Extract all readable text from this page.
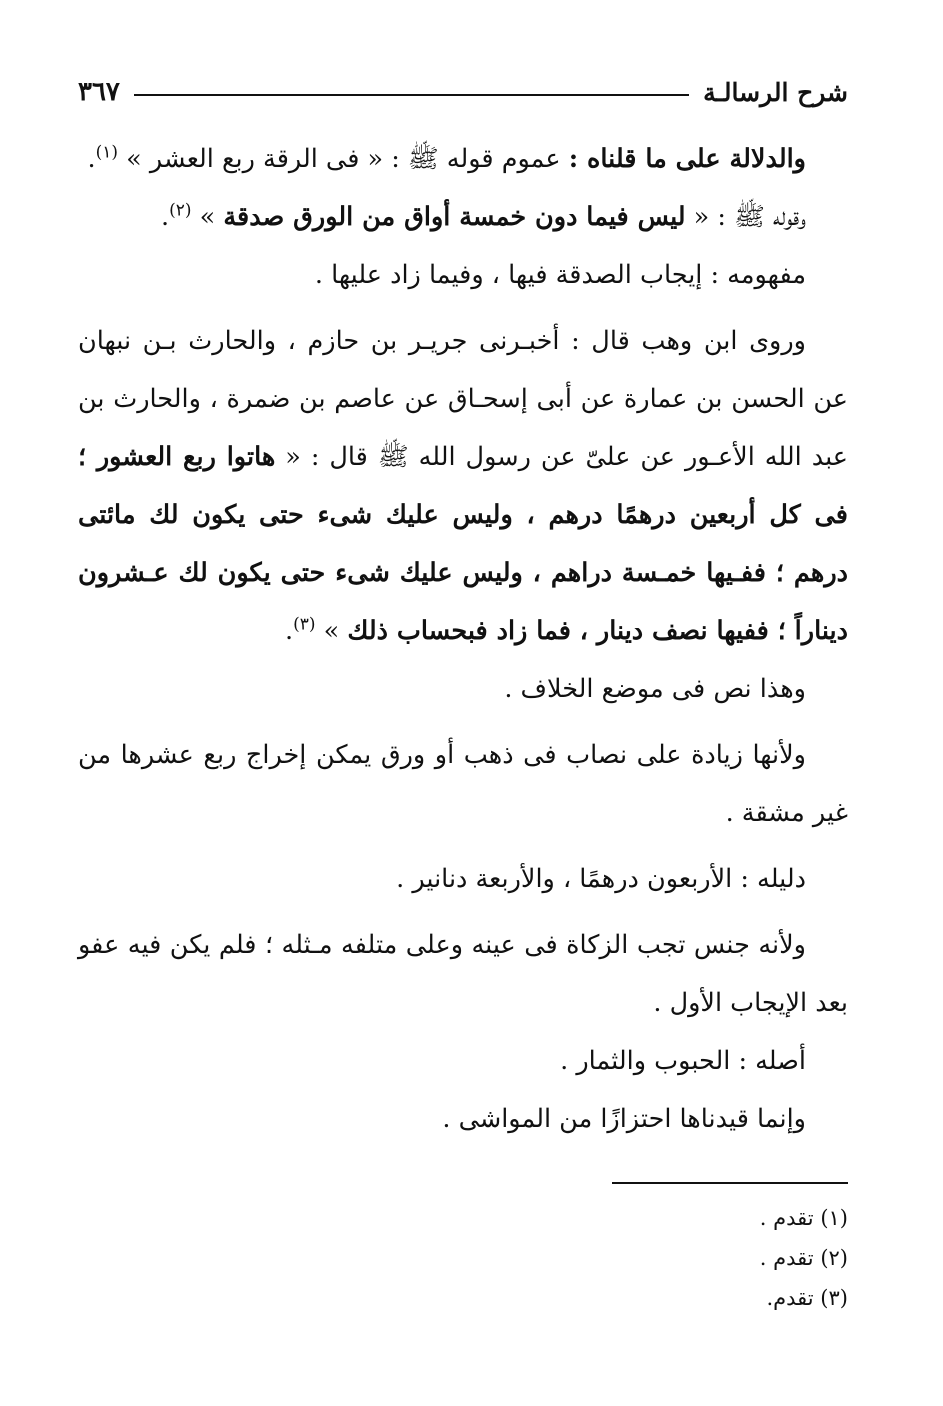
شرح الرسالـة
٣٦٧

والدلالة على ما قلناه : عموم قوله ﷺ : « فى الرقة ربع العشر » $^{(١)}$.

وقوله ﷺ : « ليس فيما دون خمسة أواق من الورق صدقة » $^{(٢)}$.

مفهومه : إيجاب الصدقة فيها ، وفيما زاد عليها .

وروى ابن وهب قال : أخبـرنى جريـر بن حازم ، والحارث بـن نبهان عن الحسن بن عمارة عن أبى إسحـاق عن عاصم بن ضمرة ، والحارث بن عبد الله الأعـور عن علىّ عن رسول الله ﷺ قال : « هاتوا ربع العشور ؛ فى كل أربعين درهمًا درهم ، وليس عليك شىء حتى يكون لك مائتى درهم ؛ ففـيها خمـسة دراهم ، وليس عليك شىء حتى يكون لك عـشرون ديناراً ؛ ففيها نصف دينار ، فما زاد فبحساب ذلك » $^{(٣)}$.

وهذا نص فى موضع الخلاف .

ولأنها زيادة على نصاب فى ذهب أو ورق يمكن إخراج ربع عشرها من غير مشقة .

دليله : الأربعون درهمًا ، والأربعة دنانير .

ولأنه جنس تجب الزكاة فى عينه وعلى متلفه مـثله ؛ فلم يكن فيه عفو بعد الإيجاب الأول .

أصله : الحبوب والثمار .

وإنما قيدناها احتزازًا من المواشى .

(١) تقدم .
(٢) تقدم .
(٣) تقدم.
